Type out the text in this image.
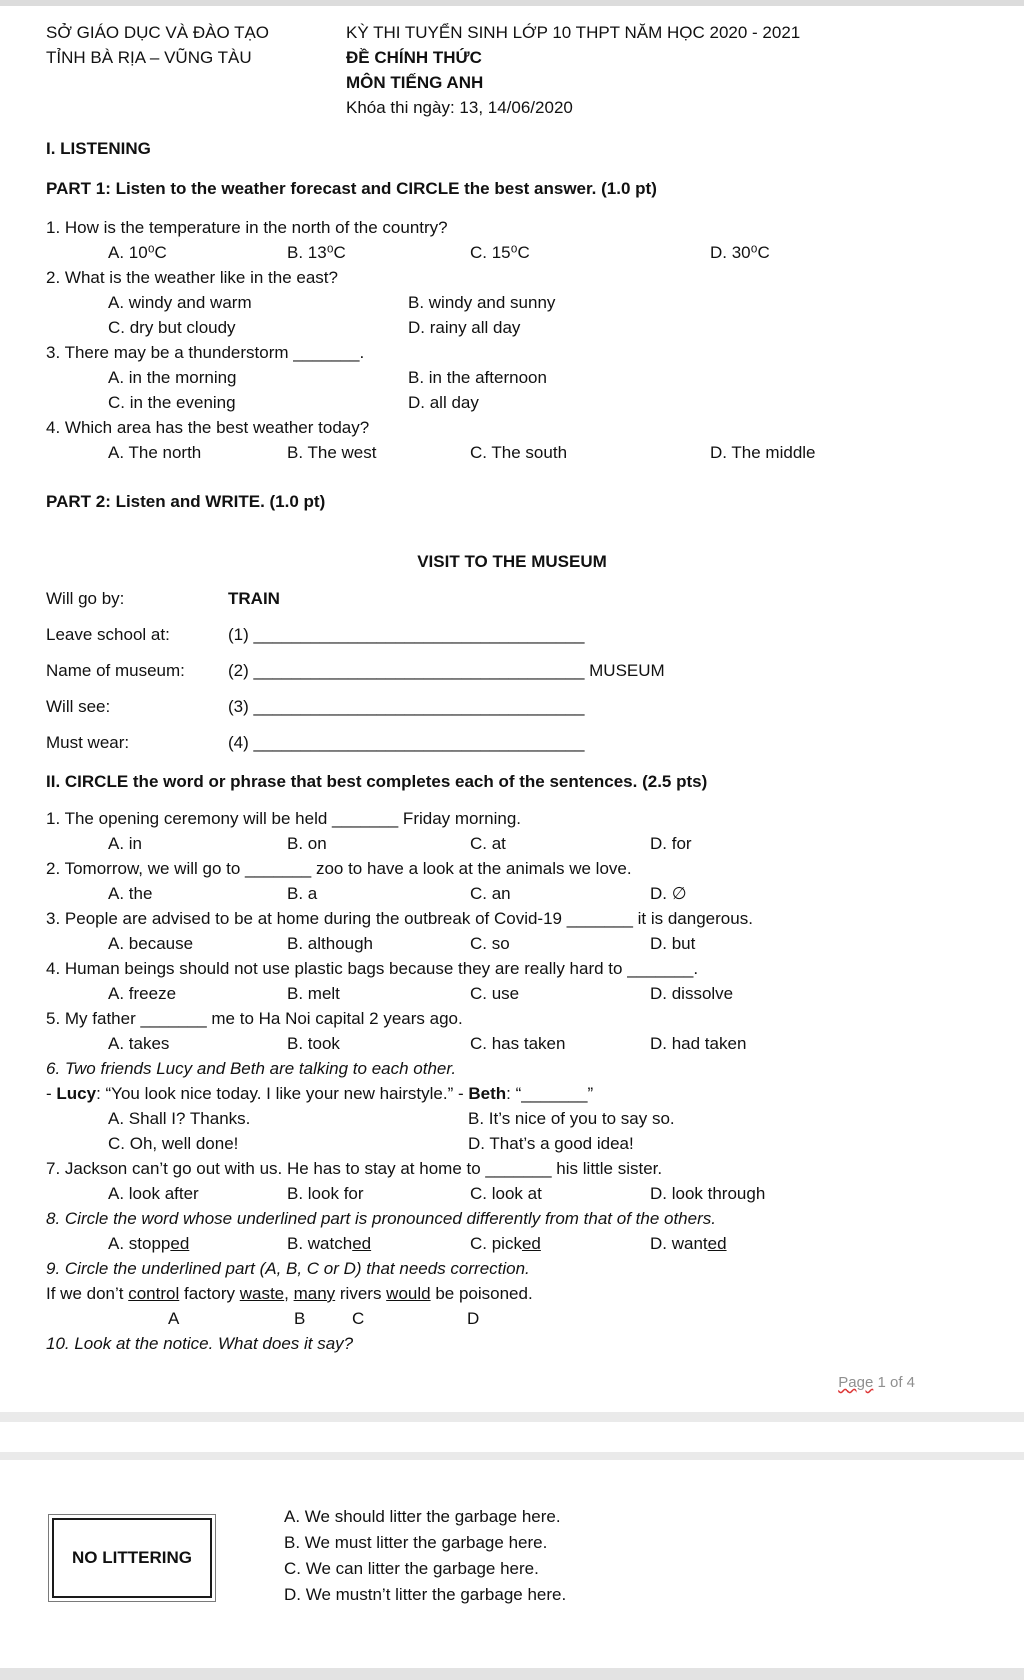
SỞ GIÁO DỤC VÀ ĐÀO TẠO
TỈNH BÀ RỊA – VŨNG TÀU
KỲ THI TUYỂN SINH LỚP 10 THPT NĂM HỌC 2020 - 2021
ĐỀ CHÍNH THỨC
MÔN TIẾNG ANH
Khóa thi ngày: 13, 14/06/2020
I. LISTENING
PART 1: Listen to the weather forecast and CIRCLE the best answer. (1.0 pt)
1. How is the temperature in the north of the country?
A. 10⁰C	B. 13⁰C	C. 15⁰C	D. 30⁰C
2. What is the weather like in the east?
A. windy and warm	B. windy and sunny
C. dry but cloudy	D. rainy all day
3. There may be a thunderstorm _______.
A. in the morning	B. in the afternoon
C. in the evening	D. all day
4. Which area has the best weather today?
A. The north	B. The west	C. The south	D. The middle
PART 2: Listen and WRITE. (1.0 pt)
VISIT TO THE MUSEUM
Will go by:	TRAIN
Leave school at:	(1) ___________________________________
Name of museum:	(2) ___________________________________ MUSEUM
Will see:	(3) ___________________________________
Must wear:	(4) ___________________________________
II. CIRCLE the word or phrase that best completes each of the sentences. (2.5 pts)
1. The opening ceremony will be held _______ Friday morning.
A. in	B. on	C. at	D. for
2. Tomorrow, we will go to _______ zoo to have a look at the animals we love.
A. the	B. a	C. an	D. ∅
3. People are advised to be at home during the outbreak of Covid-19 _______ it is dangerous.
A. because	B. although	C. so	D. but
4. Human beings should not use plastic bags because they are really hard to _______.
A. freeze	B. melt	C. use	D. dissolve
5. My father _______ me to Ha Noi capital 2 years ago.
A. takes	B. took	C. has taken	D. had taken
6. Two friends Lucy and Beth are talking to each other.
- Lucy: “You look nice today. I like your new hairstyle.” - Beth: “_______”
A. Shall I? Thanks.	B. It’s nice of you to say so.
C. Oh, well done!	D. That’s a good idea!
7. Jackson can’t go out with us. He has to stay at home to _______ his little sister.
A. look after	B. look for	C. look at	D. look through
8. Circle the word whose underlined part is pronounced differently from that of the others.
A. stopped	B. watched	C. picked	D. wanted
9. Circle the underlined part (A, B, C or D) that needs correction.
If we don’t control factory waste, many rivers would be poisoned.
A	B	C	D
10. Look at the notice. What does it say?
Page 1 of 4
NO LITTERING
A. We should litter the garbage here.
B. We must litter the garbage here.
C. We can litter the garbage here.
D. We mustn’t litter the garbage here.
